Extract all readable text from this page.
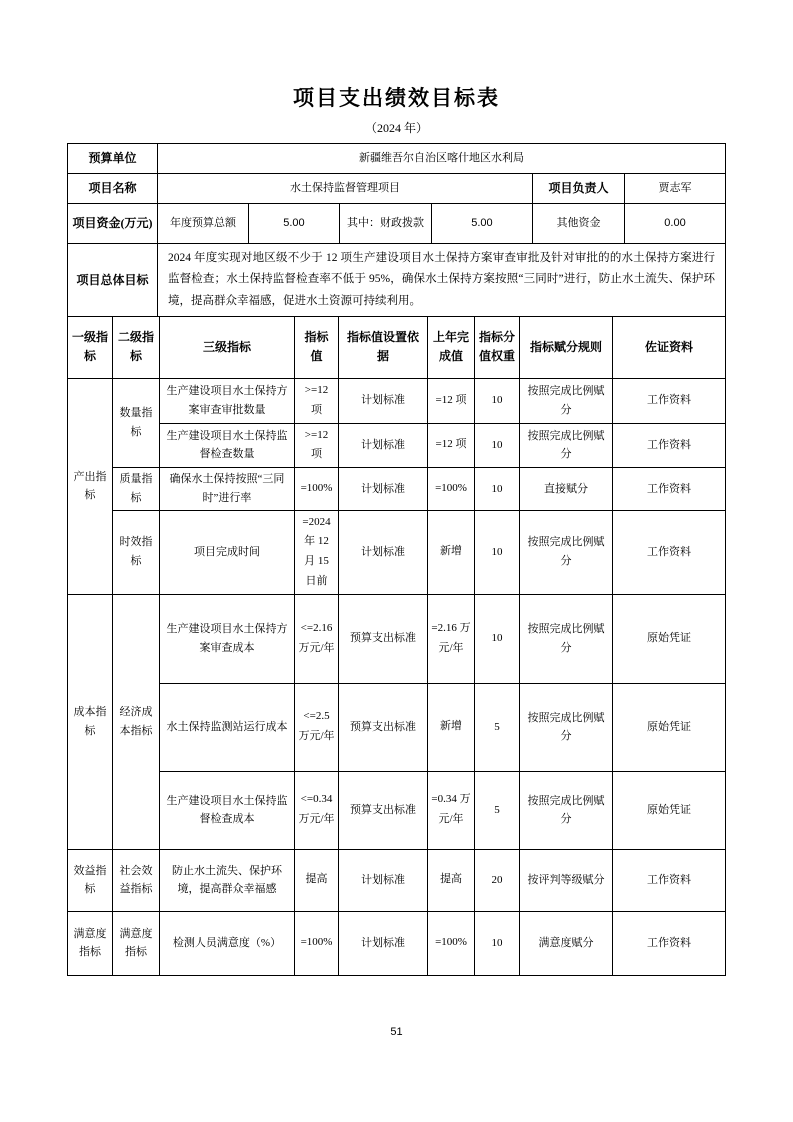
项目支出绩效目标表
（2024 年）
预算单位	新疆维吾尔自治区喀什地区水利局					
项目名称	水土保持监督管理项目				项目负责人	贾志军
项目资金(万元)	年度预算总额	5.00	其中：财政拨款	5.00	其他资金	0.00
项目总体目标	2024 年度实现对地区级不少于 12 项生产建设项目水土保持方案审查审批及针对审批的的水土保持方案进行监督检查；水土保持监督检查率不低于 95%，确保水土保持方案按照“三同时”进行，防止水土流失、保护环境，提高群众幸福感，促进水土资源可持续利用。					
一级指标	二级指标	三级指标	指标值	指标值设置依据	上年完成值	指标分值权重	指标赋分规则	佐证资料
产出指标	数量指标	生产建设项目水土保持方案审查审批数量	>=12 项	计划标准	=12 项	10	按照完成比例赋分	工作资料
		生产建设项目水土保持监督检查数量	>=12 项	计划标准	=12 项	10	按照完成比例赋分	工作资料
	质量指标	确保水土保持按照“三同时”进行率	=100%	计划标准	=100%	10	直接赋分	工作资料
	时效指标	项目完成时间	=2024 年 12 月 15 日前	计划标准	新增	10	按照完成比例赋分	工作资料
成本指标	经济成本指标	生产建设项目水土保持方案审查成本	<=2.16 万元/年	预算支出标准	=2.16 万元/年	10	按照完成比例赋分	原始凭证
		水土保持监测站运行成本	<=2.5 万元/年	预算支出标准	新增	5	按照完成比例赋分	原始凭证
		生产建设项目水土保持监督检查成本	<=0.34 万元/年	预算支出标准	=0.34 万元/年	5	按照完成比例赋分	原始凭证
效益指标	社会效益指标	防止水土流失、保护环境，提高群众幸福感	提高	计划标准	提高	20	按评判等级赋分	工作资料
满意度指标	满意度指标	检测人员满意度（%）	=100%	计划标准	=100%	10	满意度赋分	工作资料
51
